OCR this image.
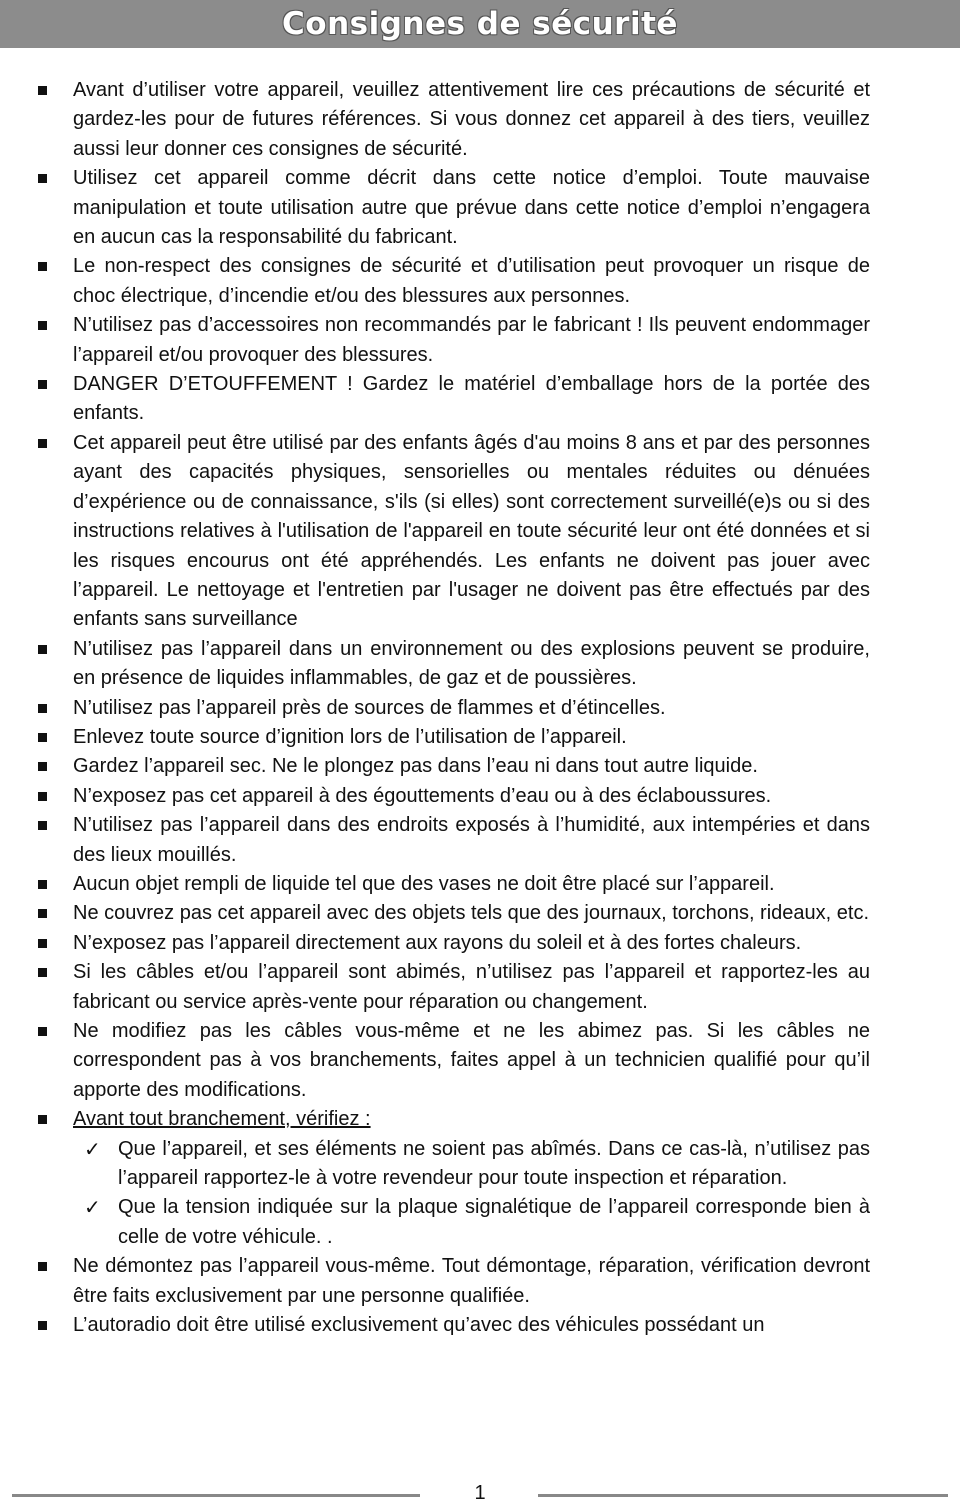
Consignes de sécurité
Avant d’utiliser votre appareil, veuillez attentivement lire ces précautions de sécurité et gardez-les pour de futures références. Si vous donnez cet appareil à des tiers, veuillez aussi leur donner ces consignes de sécurité.
Utilisez cet appareil comme décrit dans cette notice d’emploi. Toute mauvaise manipulation et toute utilisation autre que prévue dans cette notice d’emploi n’engagera en aucun cas la responsabilité du fabricant.
Le non-respect des consignes de sécurité et d’utilisation peut provoquer un risque de choc électrique, d’incendie et/ou des blessures aux personnes.
N’utilisez pas d’accessoires non recommandés par le fabricant ! Ils peuvent endommager l’appareil et/ou provoquer des blessures.
DANGER D’ETOUFFEMENT ! Gardez le matériel d’emballage hors de la portée des enfants.
Cet appareil peut être utilisé par des enfants âgés d'au moins 8 ans et par des personnes ayant des capacités physiques, sensorielles ou mentales réduites ou dénuées d’expérience ou de connaissance, s'ils (si elles) sont correctement surveillé(e)s ou si des instructions relatives à l'utilisation de l'appareil en toute sécurité leur ont été données et si les risques encourus ont été appréhendés. Les enfants ne doivent pas jouer avec l’appareil. Le nettoyage et l'entretien par l'usager ne doivent pas être effectués par des enfants sans surveillance
N’utilisez pas l’appareil dans un environnement ou des explosions peuvent se produire, en présence de liquides inflammables, de gaz et de poussières.
N’utilisez pas l’appareil près de sources de flammes et d’étincelles.
Enlevez toute source d’ignition lors de l’utilisation de l’appareil.
Gardez l’appareil sec. Ne le plongez pas dans l’eau ni dans tout autre liquide.
N’exposez pas cet appareil à des égouttements d’eau ou à des éclaboussures.
N’utilisez pas l’appareil dans des endroits exposés à l’humidité, aux intempéries et dans des lieux mouillés.
Aucun objet rempli de liquide tel que des vases ne doit être placé sur l’appareil.
Ne couvrez pas cet appareil avec des objets tels que des journaux, torchons, rideaux, etc.
N’exposez pas l’appareil directement aux rayons du soleil et à des fortes chaleurs.
Si les câbles et/ou l’appareil sont abimés, n’utilisez pas l’appareil et rapportez-les au fabricant ou service après-vente pour réparation ou changement.
Ne modifiez pas les câbles vous-même et ne les abimez pas. Si les câbles ne correspondent pas à vos branchements, faites appel à un technicien qualifié pour qu’il apporte des modifications.
Avant tout branchement, vérifiez :
✓ Que l’appareil, et ses éléments ne soient pas abîmés. Dans ce cas-là, n’utilisez pas l’appareil rapportez-le à votre revendeur pour toute inspection et réparation.
✓ Que la tension indiquée sur la plaque signalétique de l’appareil corresponde bien à celle de votre véhicule. .
Ne démontez pas l’appareil vous-même. Tout démontage, réparation, vérification devront être faits exclusivement par une personne qualifiée.
L’autoradio doit être utilisé exclusivement qu’avec des véhicules possédant un
1
